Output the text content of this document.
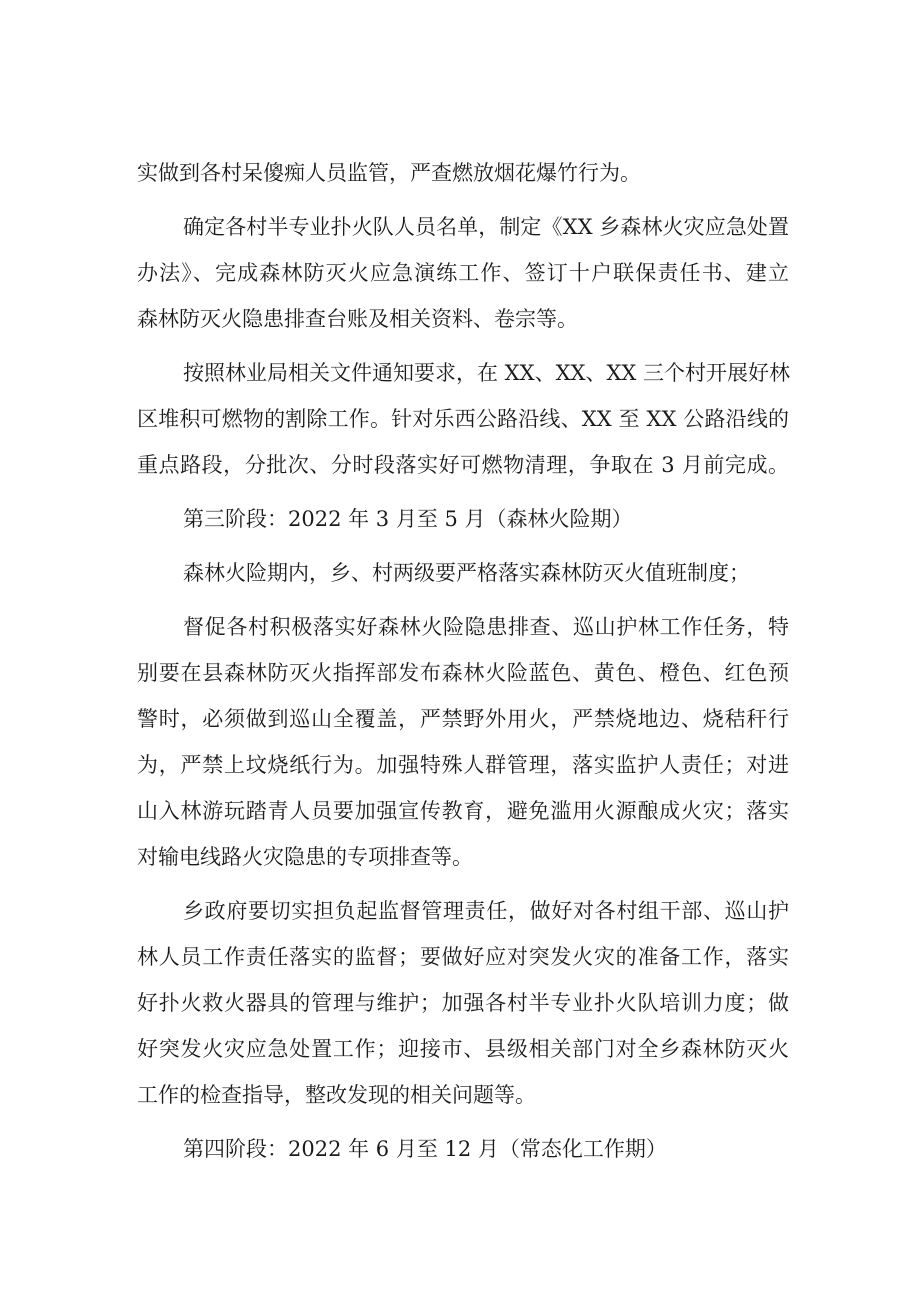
实做到各村呆傻痴人员监管，严查燃放烟花爆竹行为。
确定各村半专业扑火队人员名单，制定《XX 乡森林火灾应急处置
办法》、完成森林防灭火应急演练工作、签订十户联保责任书、建立
森林防灭火隐患排查台账及相关资料、卷宗等。
按照林业局相关文件通知要求，在 XX、XX、XX 三个村开展好林
区堆积可燃物的割除工作。针对乐西公路沿线、XX 至 XX 公路沿线的
重点路段，分批次、分时段落实好可燃物清理，争取在 3 月前完成。
第三阶段：2022 年 3 月至 5 月（森林火险期）
森林火险期内，乡、村两级要严格落实森林防灭火值班制度；
督促各村积极落实好森林火险隐患排查、巡山护林工作任务，特
别要在县森林防灭火指挥部发布森林火险蓝色、黄色、橙色、红色预
警时，必须做到巡山全覆盖，严禁野外用火，严禁烧地边、烧秸秆行
为，严禁上坟烧纸行为。加强特殊人群管理，落实监护人责任；对进
山入林游玩踏青人员要加强宣传教育，避免滥用火源酿成火灾；落实
对输电线路火灾隐患的专项排查等。
乡政府要切实担负起监督管理责任，做好对各村组干部、巡山护
林人员工作责任落实的监督；要做好应对突发火灾的准备工作，落实
好扑火救火器具的管理与维护；加强各村半专业扑火队培训力度；做
好突发火灾应急处置工作；迎接市、县级相关部门对全乡森林防灭火
工作的检查指导，整改发现的相关问题等。
第四阶段：2022 年 6 月至 12 月（常态化工作期）
